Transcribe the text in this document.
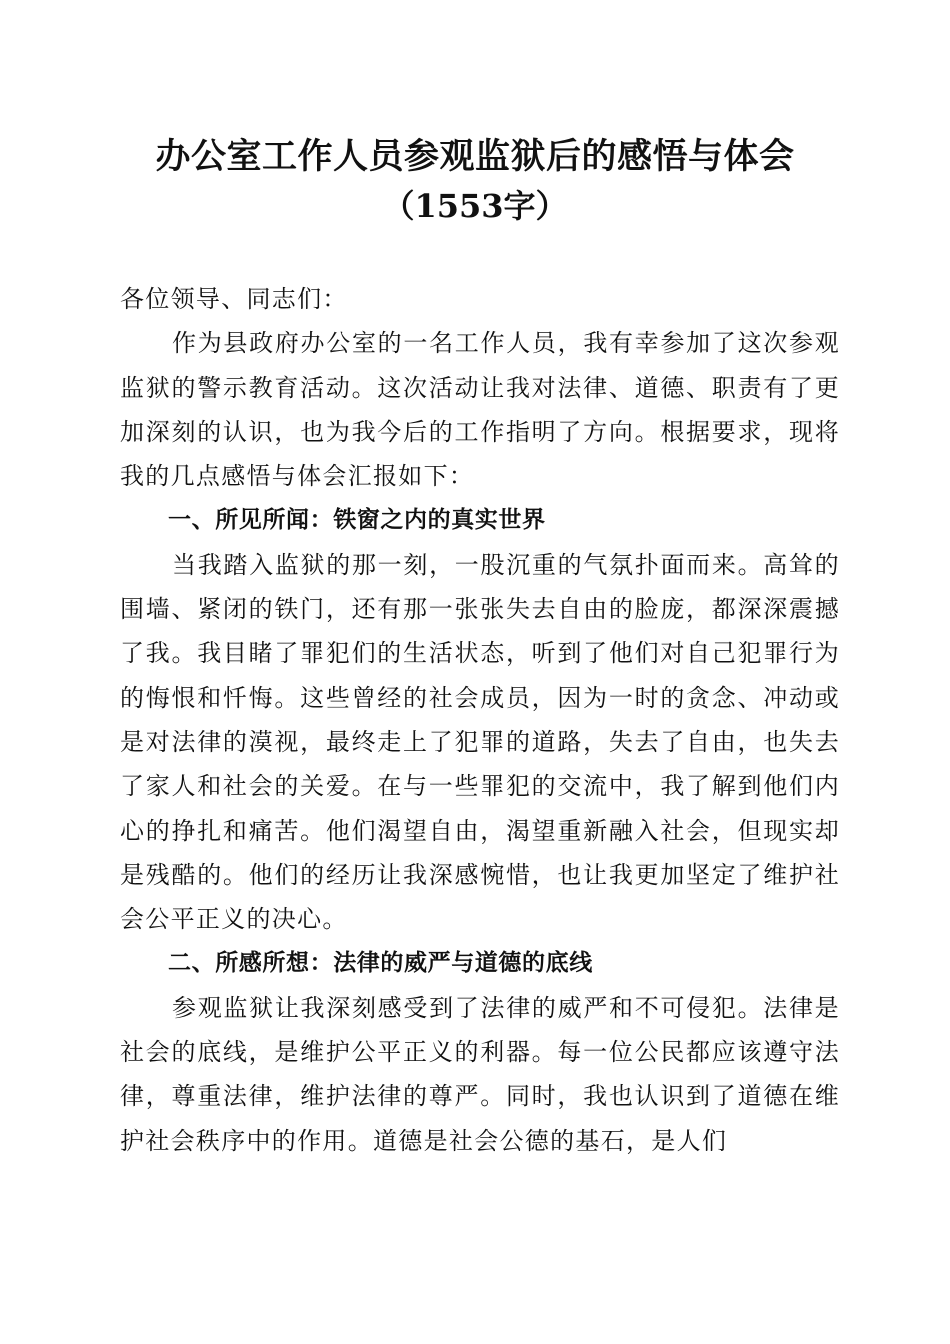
办公室工作人员参观监狱后的感悟与体会
（1553字）

各位领导、同志们：

作为县政府办公室的一名工作人员，我有幸参加了这次参观监狱的警示教育活动。这次活动让我对法律、道德、职责有了更加深刻的认识，也为我今后的工作指明了方向。根据要求，现将我的几点感悟与体会汇报如下：

一、所见所闻：铁窗之内的真实世界

当我踏入监狱的那一刻，一股沉重的气氛扑面而来。高耸的围墙、紧闭的铁门，还有那一张张失去自由的脸庞，都深深震撼了我。我目睹了罪犯们的生活状态，听到了他们对自己犯罪行为的悔恨和忏悔。这些曾经的社会成员，因为一时的贪念、冲动或是对法律的漠视，最终走上了犯罪的道路，失去了自由，也失去了家人和社会的关爱。在与一些罪犯的交流中，我了解到他们内心的挣扎和痛苦。他们渴望自由，渴望重新融入社会，但现实却是残酷的。他们的经历让我深感惋惜，也让我更加坚定了维护社会公平正义的决心。

二、所感所想：法律的威严与道德的底线

参观监狱让我深刻感受到了法律的威严和不可侵犯。法律是社会的底线，是维护公平正义的利器。每一位公民都应该遵守法律，尊重法律，维护法律的尊严。同时，我也认识到了道德在维护社会秩序中的作用。道德是社会公德的基石，是人们
